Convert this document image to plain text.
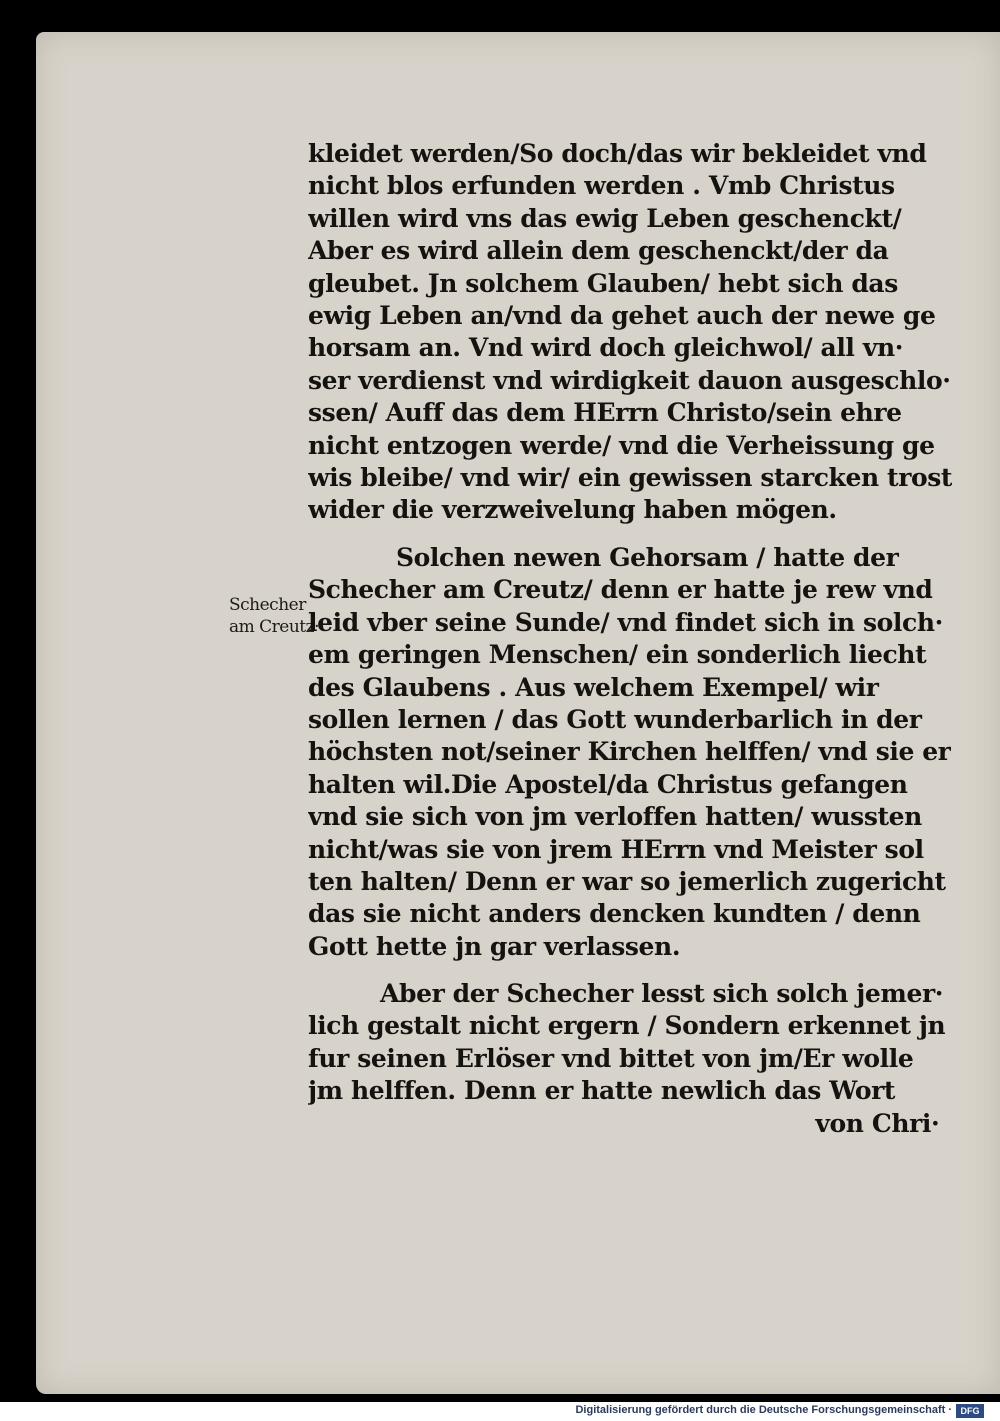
Schecher
am Creutz·
kleidet werden/So doch/das wir bekleidet vnd
nicht blos erfunden werden . Vmb Christus
willen wird vns das ewig Leben geschenckt/
Aber es wird allein dem geschenckt/der da
gleubet. Jn solchem Glauben/ hebt sich das
ewig Leben an/vnd da gehet auch der newe ge
horsam an. Vnd wird doch gleichwol/ all vn·
ser verdienst vnd wirdigkeit dauon ausgeschlo·
ssen/ Auff das dem HErrn Christo/sein ehre
nicht entzogen werde/ vnd die Verheissung ge
wis bleibe/ vnd wir/ ein gewissen starcken trost
wider die verzweivelung haben mögen.
Solchen newen Gehorsam / hatte der
Schecher am Creutz/ denn er hatte je rew vnd
leid vber seine Sunde/ vnd findet sich in solch·
em geringen Menschen/ ein sonderlich liecht
des Glaubens . Aus welchem Exempel/ wir
sollen lernen / das Gott wunderbarlich in der
höchsten not/seiner Kirchen helffen/ vnd sie er
halten wil.Die Apostel/da Christus gefangen
vnd sie sich von jm verloffen hatten/ wussten
nicht/was sie von jrem HErrn vnd Meister sol
ten halten/ Denn er war so jemerlich zugericht
das sie nicht anders dencken kundten / denn
Gott hette jn gar verlassen.
Aber der Schecher lesst sich solch jemer·
lich gestalt nicht ergern / Sondern erkennet jn
fur seinen Erlöser vnd bittet von jm/Er wolle
jm helffen. Denn er hatte newlich das Wort
von Chri·
Digitalisierung gefördert durch die Deutsche Forschungsgemeinschaft · DFG
